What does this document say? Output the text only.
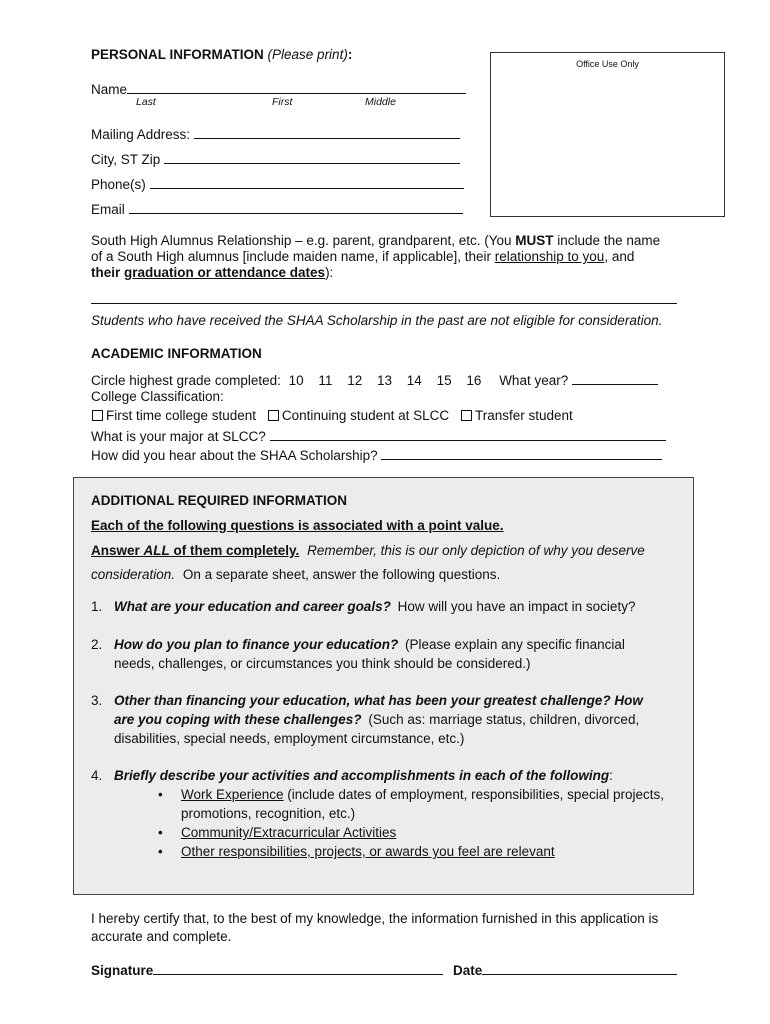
PERSONAL INFORMATION (Please print):
Office Use Only
Name
Last	First	Middle
Mailing Address:
City, ST Zip
Phone(s)
Email
South High Alumnus Relationship – e.g. parent, grandparent, etc. (You MUST include the name
of a South High alumnus [include maiden name, if applicable], their relationship to you, and
their graduation or attendance dates):
Students who have received the SHAA Scholarship in the past are not eligible for consideration.
ACADEMIC INFORMATION
Circle highest grade completed: 10 11 12 13 14 15 16 What year?
College Classification:
First time college student Continuing student at SLCC Transfer student
What is your major at SLCC?
How did you hear about the SHAA Scholarship?
ADDITIONAL REQUIRED INFORMATION
Each of the following questions is associated with a point value.
Answer ALL of them completely. Remember, this is our only depiction of why you deserve
consideration. On a separate sheet, answer the following questions.
1. What are your education and career goals? How will you have an impact in society?
2. How do you plan to finance your education? (Please explain any specific financial
needs, challenges, or circumstances you think should be considered.)
3. Other than financing your education, what has been your greatest challenge? How
are you coping with these challenges? (Such as: marriage status, children, divorced,
disabilities, special needs, employment circumstance, etc.)
4. Briefly describe your activities and accomplishments in each of the following:
• Work Experience (include dates of employment, responsibilities, special projects,
promotions, recognition, etc.)
• Community/Extracurricular Activities
• Other responsibilities, projects, or awards you feel are relevant
I hereby certify that, to the best of my knowledge, the information furnished in this application is
accurate and complete.
Signature	Date
